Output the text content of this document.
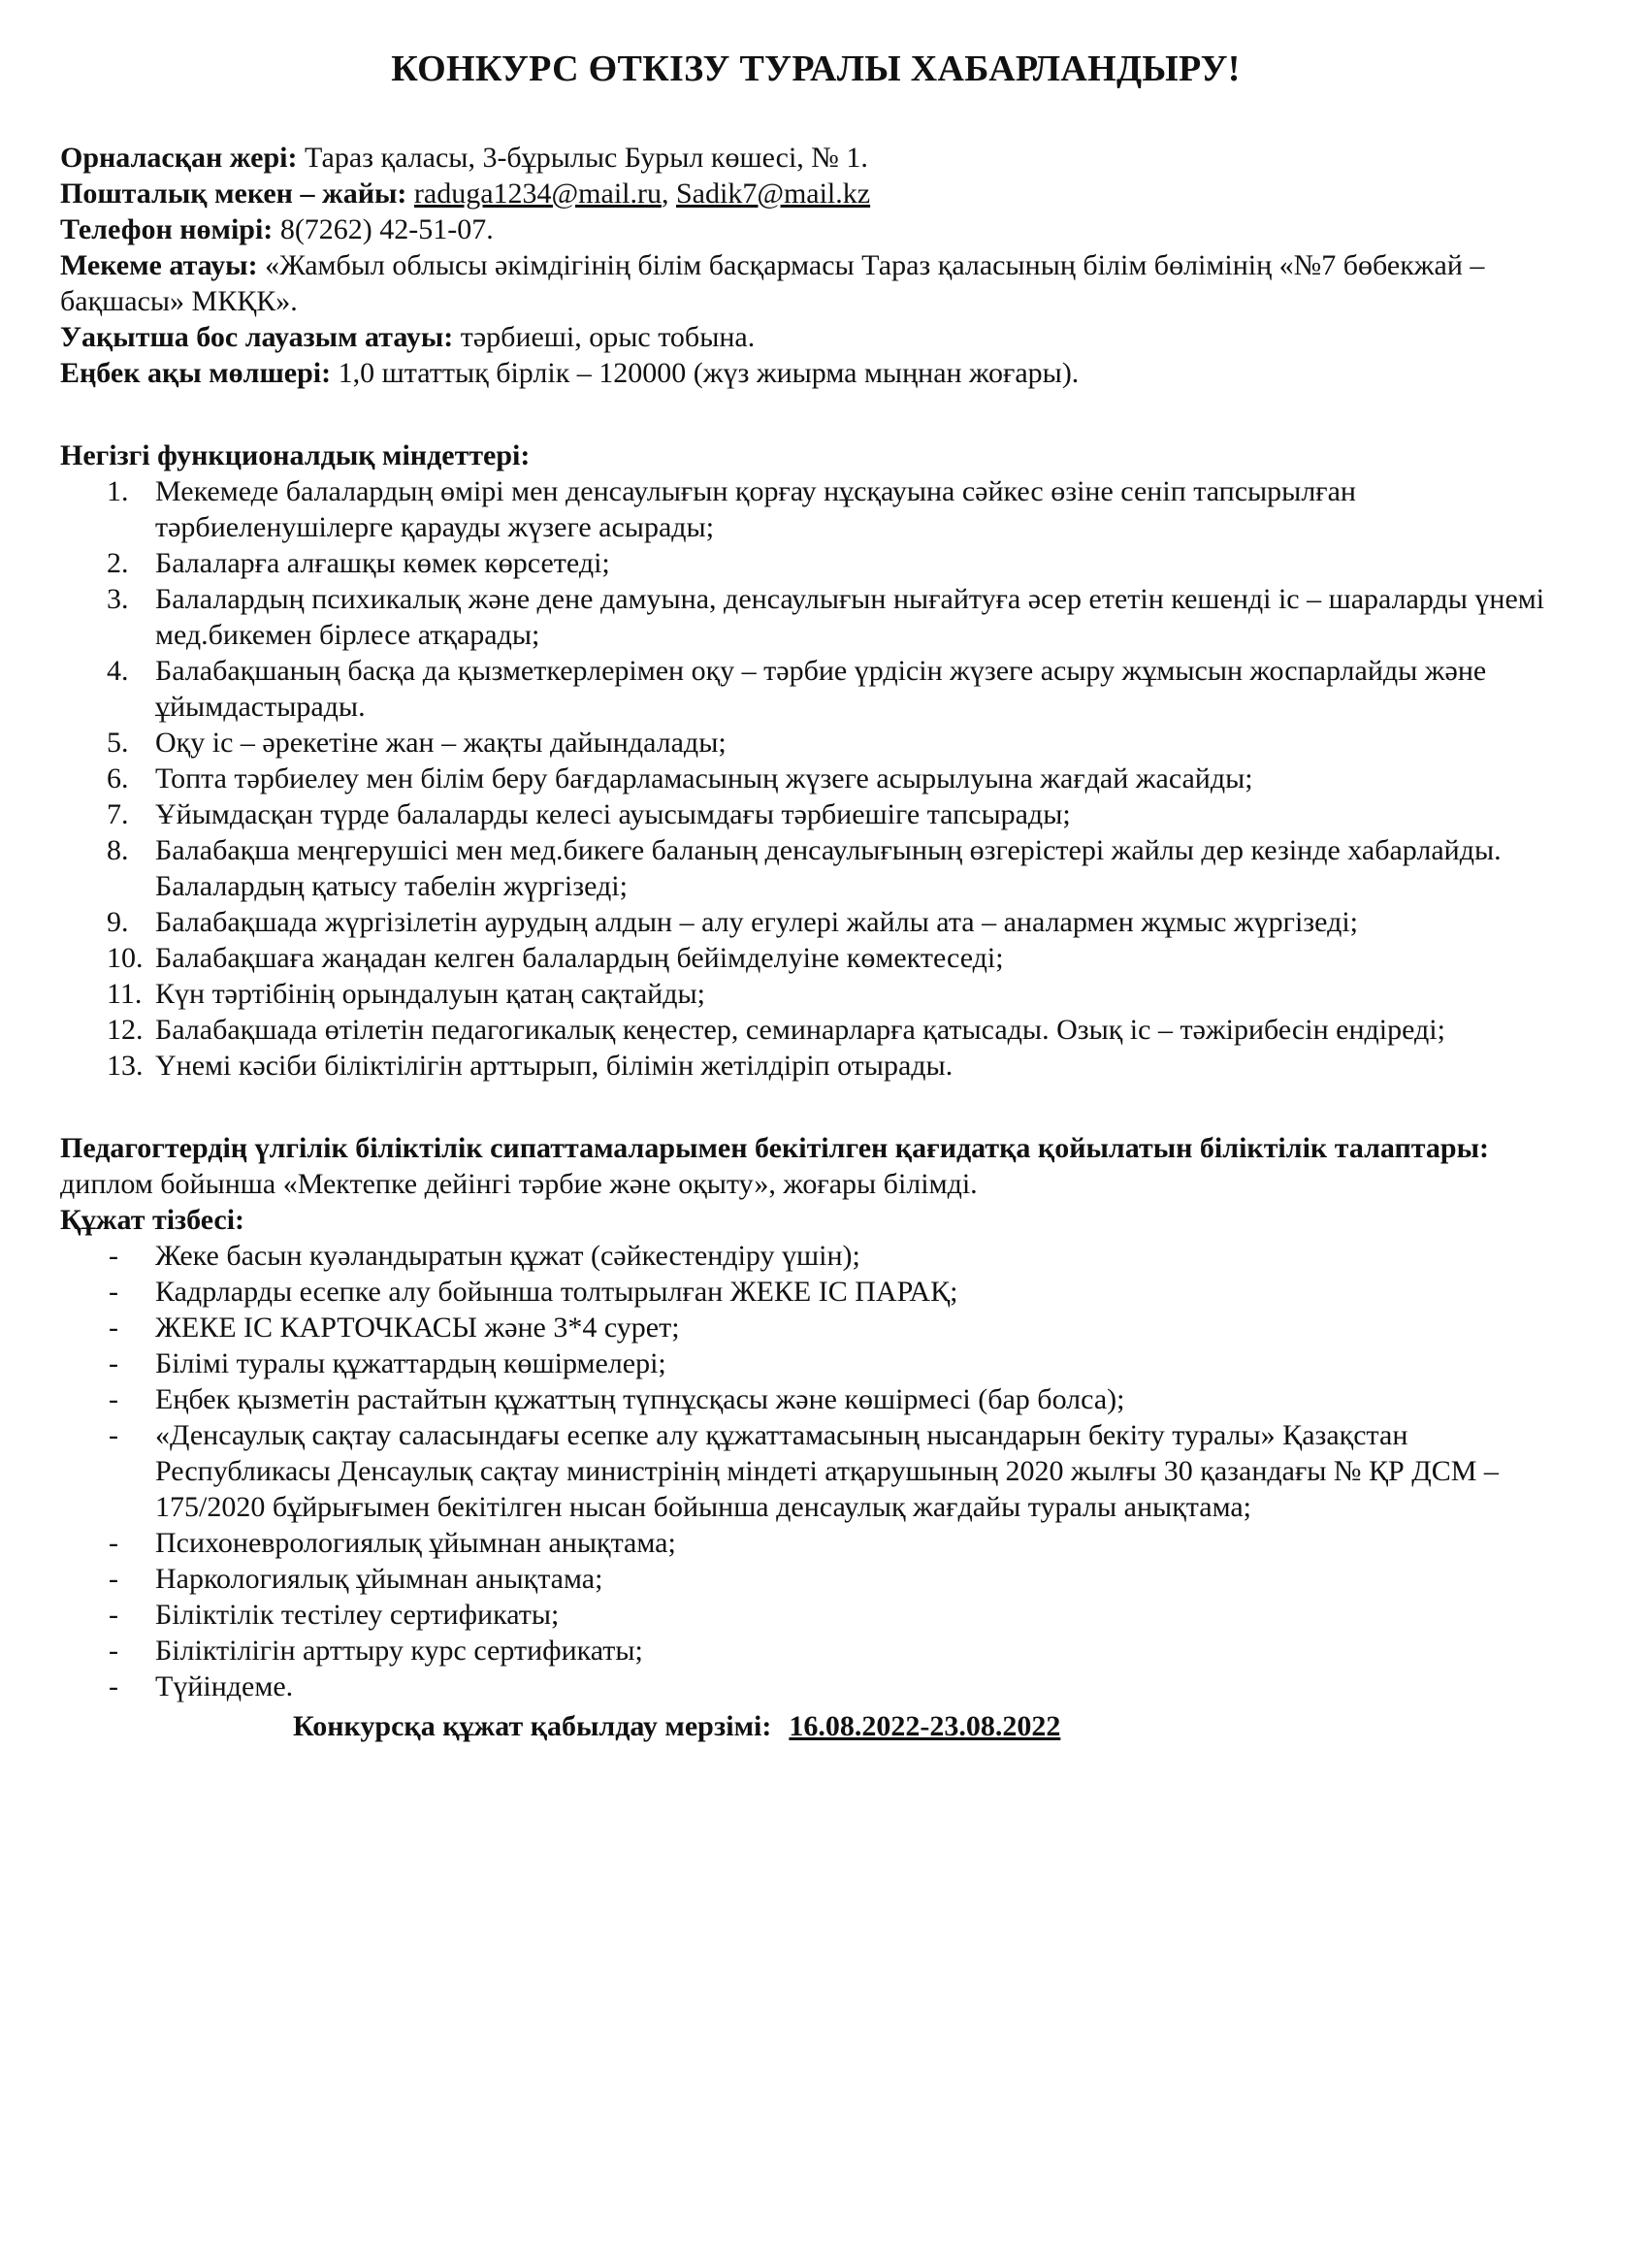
КОНКУРС ӨТКІЗУ ТУРАЛЫ ХАБАРЛАНДЫРУ!

Орналасқан жері: Тараз қаласы, 3-бұрылыс Бурыл көшесі, № 1.

Пошталық мекен – жайы: raduga1234@mail.ru, Sadik7@mail.kz

Телефон нөмірі: 8(7262) 42-51-07.

Мекеме атауы: «Жамбыл облысы әкімдігінің білім басқармасы Тараз қаласының білім бөлімінің «№7 бөбекжай – бақшасы» МКҚК».

Уақытша бос лауазым атауы: тәрбиеші, орыс тобына.

Еңбек ақы мөлшері: 1,0 штаттық бірлік – 120000 (жүз жиырма мыңнан жоғары).

Негізгі функционалдық міндеттері:
1. Мекемеде балалардың өмірі мен денсаулығын қорғау нұсқауына сәйкес өзіне сеніп тапсырылған тәрбиеленушілерге қарауды жүзеге асырады;
2. Балаларға алғашқы көмек көрсетеді;
3. Балалардың психикалық және дене дамуына, денсаулығын нығайтуға әсер ететін кешенді іс – шараларды үнемі мед.бикемен бірлесе атқарады;
4. Балабақшаның басқа да қызметкерлерімен оқу – тәрбие үрдісін жүзеге асыру жұмысын жоспарлайды және ұйымдастырады.
5. Оқу іс – әрекетіне жан – жақты дайындалады;
6. Топта тәрбиелеу мен білім беру бағдарламасының жүзеге асырылуына жағдай жасайды;
7. Ұйымдасқан түрде балаларды келесі ауысымдағы тәрбиешіге тапсырады;
8. Балабақша меңгерушісі мен мед.бикеге баланың денсаулығының өзгерістері жайлы дер кезінде хабарлайды. Балалардың қатысу табелін жүргізеді;
9. Балабақшада жүргізілетін аурудың алдын – алу егулері жайлы ата – аналармен жұмыс жүргізеді;
10. Балабақшаға жаңадан келген балалардың бейімделуіне көмектеседі;
11. Күн тәртібінің орындалуын қатаң сақтайды;
12. Балабақшада өтілетін педагогикалық кеңестер, семинарларға қатысады. Озық іс – тәжірибесін ендіреді;
13. Үнемі кәсіби біліктілігін арттырып, білімін жетілдіріп отырады.

Педагогтердің үлгілік біліктілік сипаттамаларымен бекітілген қағидатқа қойылатын біліктілік талаптары: диплом бойынша «Мектепке дейінгі тәрбие және оқыту», жоғары білімді.

Құжат тізбесі:
- Жеке басын куәландыратын құжат (сәйкестендіру үшін);
- Кадрларды есепке алу бойынша толтырылған ЖЕКЕ ІС ПАРАҚ;
- ЖЕКЕ ІС КАРТОЧКАСЫ және 3*4 сурет;
- Білімі туралы құжаттардың көшірмелері;
- Еңбек қызметін растайтын құжаттың түпнұсқасы және көшірмесі (бар болса);
- «Денсаулық сақтау саласындағы есепке алу құжаттамасының нысандарын бекіту туралы» Қазақстан Республикасы Денсаулық сақтау министрінің міндеті атқарушының 2020 жылғы 30 қазандағы № ҚР ДСМ – 175/2020 бұйрығымен бекітілген нысан бойынша денсаулық жағдайы туралы анықтама;
- Психоневрологиялық ұйымнан анықтама;
- Наркологиялық ұйымнан анықтама;
- Біліктілік тестілеу сертификаты;
- Біліктілігін арттыру курс сертификаты;
- Түйіндеме.
Конкурсқа құжат қабылдау мерзімі: 16.08.2022-23.08.2022
